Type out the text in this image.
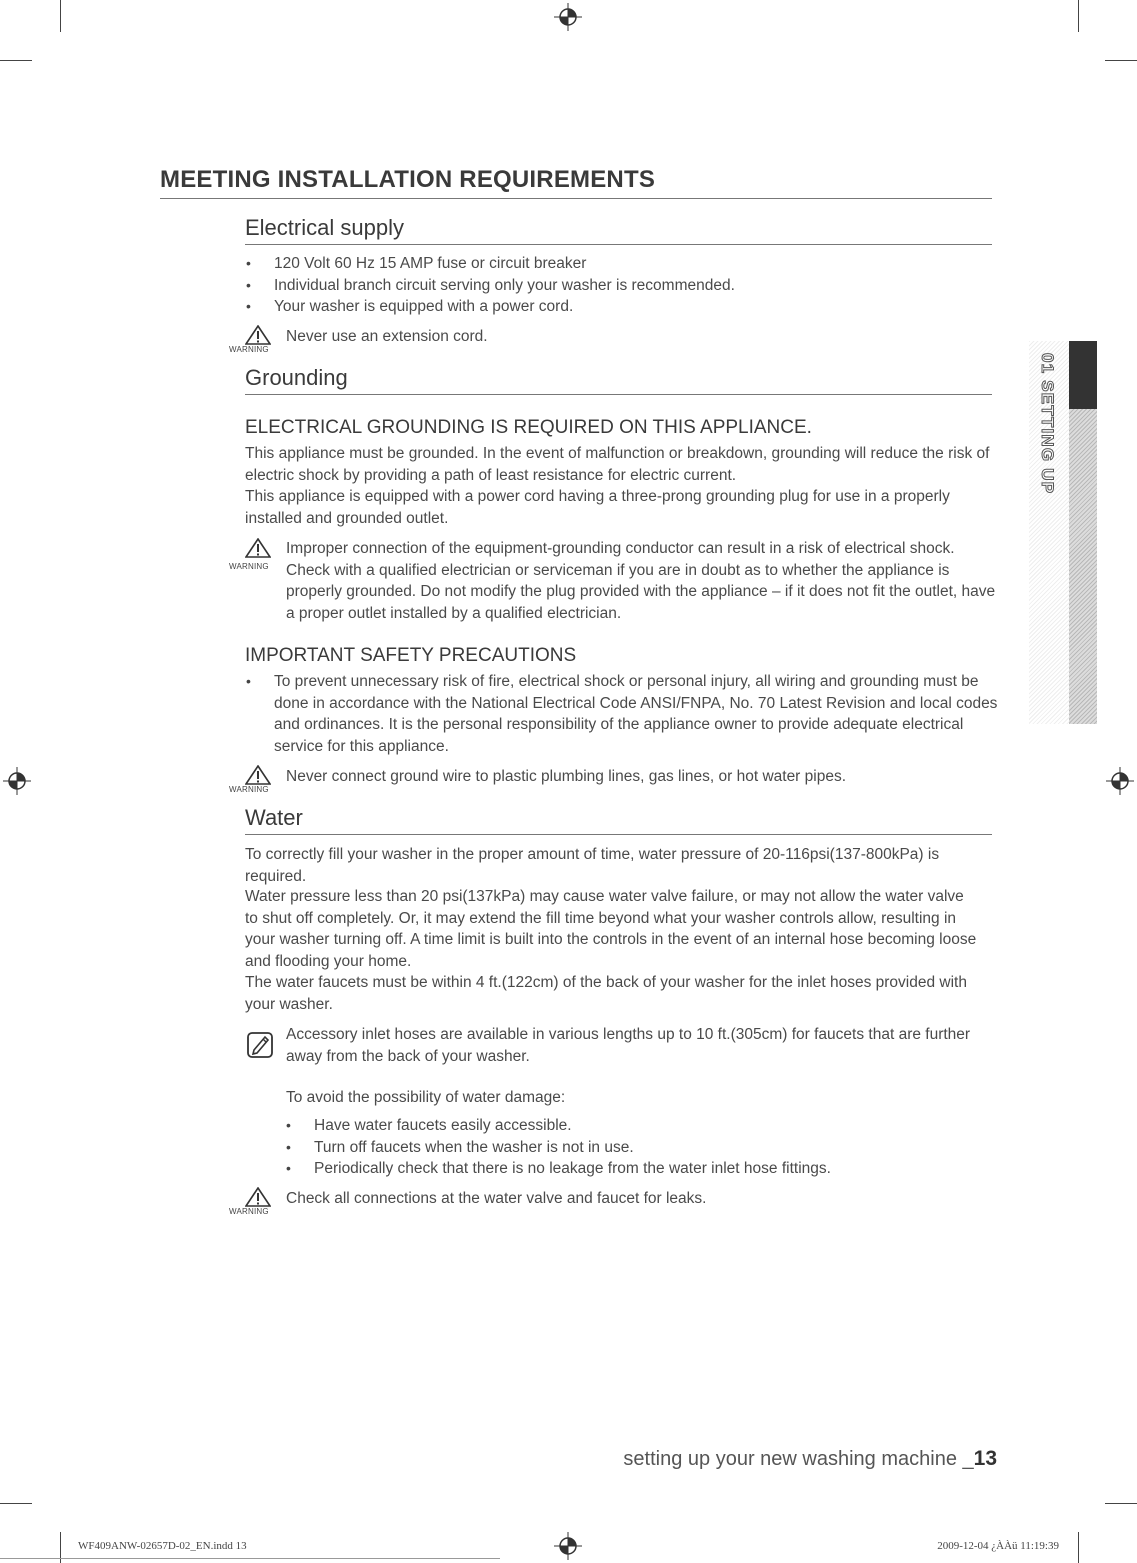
MEETING INSTALLATION REQUIREMENTS
Electrical supply
• 120 Volt 60 Hz 15 AMP fuse or circuit breaker
• Individual branch circuit serving only your washer is recommended.
• Your washer is equipped with a power cord.
WARNING

Never use an extension cord.

Grounding
ELECTRICAL GROUNDING IS REQUIRED ON THIS APPLIANCE.

This appliance must be grounded. In the event of malfunction or breakdown, grounding will reduce the risk of electric shock by providing a path of least resistance for electric current.

This appliance is equipped with a power cord having a three-prong grounding plug for use in a properly installed and grounded outlet.

WARNING

Improper connection of the equipment-grounding conductor can result in a risk of electrical shock. Check with a qualified electrician or serviceman if you are in doubt as to whether the appliance is properly grounded. Do not modify the plug provided with the appliance – if it does not fit the outlet, have a proper outlet installed by a qualified electrician.

IMPORTANT SAFETY PRECAUTIONS
• To prevent unnecessary risk of fire, electrical shock or personal injury, all wiring and grounding must be done in accordance with the National Electrical Code ANSI/FNPA, No. 70 Latest Revision and local codes and ordinances. It is the personal responsibility of the appliance owner to provide adequate electrical service for this appliance.
WARNING

Never connect ground wire to plastic plumbing lines, gas lines, or hot water pipes.

Water

To correctly fill your washer in the proper amount of time, water pressure of 20-116psi(137-800kPa) is required.

Water pressure less than 20 psi(137kPa) may cause water valve failure, or may not allow the water valve to shut off completely. Or, it may extend the fill time beyond what your washer controls allow, resulting in your washer turning off. A time limit is built into the controls in the event of an internal hose becoming loose and flooding your home.

The water faucets must be within 4 ft.(122cm) of the back of your washer for the inlet hoses provided with your washer.

Accessory inlet hoses are available in various lengths up to 10 ft.(305cm) for faucets that are further away from the back of your washer.

To avoid the possibility of water damage:

• Have water faucets easily accessible.
• Turn off faucets when the washer is not in use.
• Periodically check that there is no leakage from the water inlet hose fittings.
WARNING

Check all connections at the water valve and faucet for leaks.

01 SETTING UP
setting up your new washing machine _13
WF409ANW-02657D-02_EN.indd 13	2009-12-04 ¿ÀÀü 11:19:39
